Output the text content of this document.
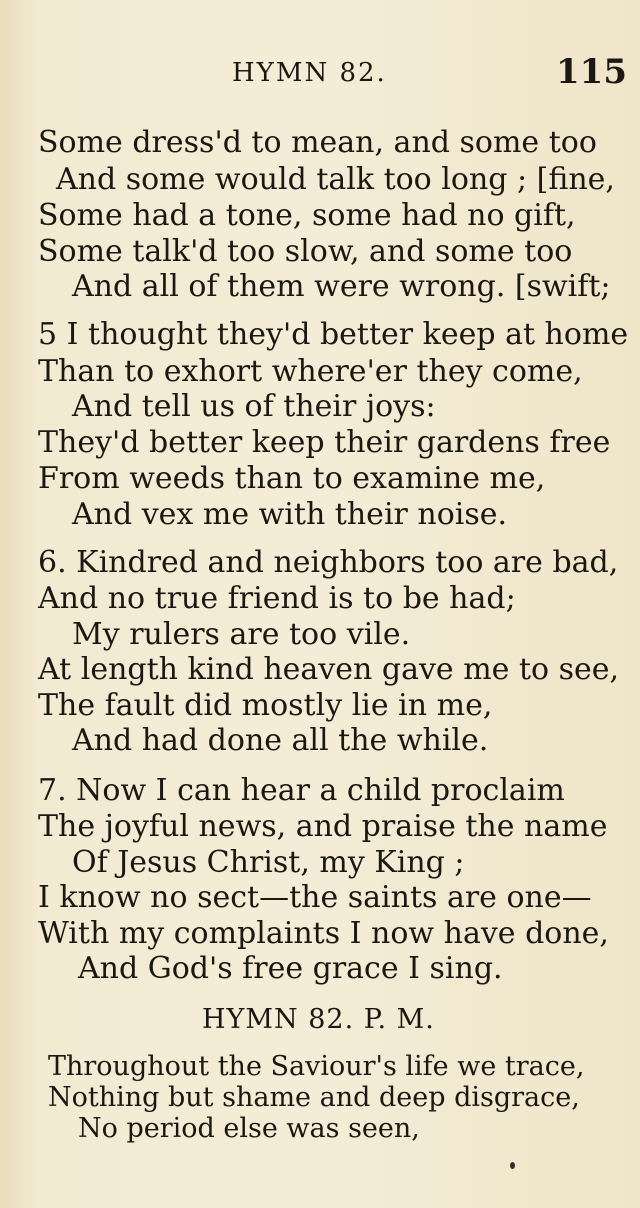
HYMN 82.	115
Some dress'd to mean, and some too
And some would talk too long ; [fine,
Some had a tone, some had no gift,
Some talk'd too slow, and some too
And all of them were wrong. [swift;
5 I thought they'd better keep at home
Than to exhort where'er they come,
And tell us of their joys:
They'd better keep their gardens free
From weeds than to examine me,
And vex me with their noise.
6. Kindred and neighbors too are bad,
And no true friend is to be had;
My rulers are too vile.
At length kind heaven gave me to see,
The fault did mostly lie in me,
And had done all the while.
7. Now I can hear a child proclaim
The joyful news, and praise the name
Of Jesus Christ, my King ;
I know no sect—the saints are one—
With my complaints I now have done,
And God's free grace I sing.
HYMN 82. P. M.
Throughout the Saviour's life we trace,
Nothing but shame and deep disgrace,
No period else was seen,
